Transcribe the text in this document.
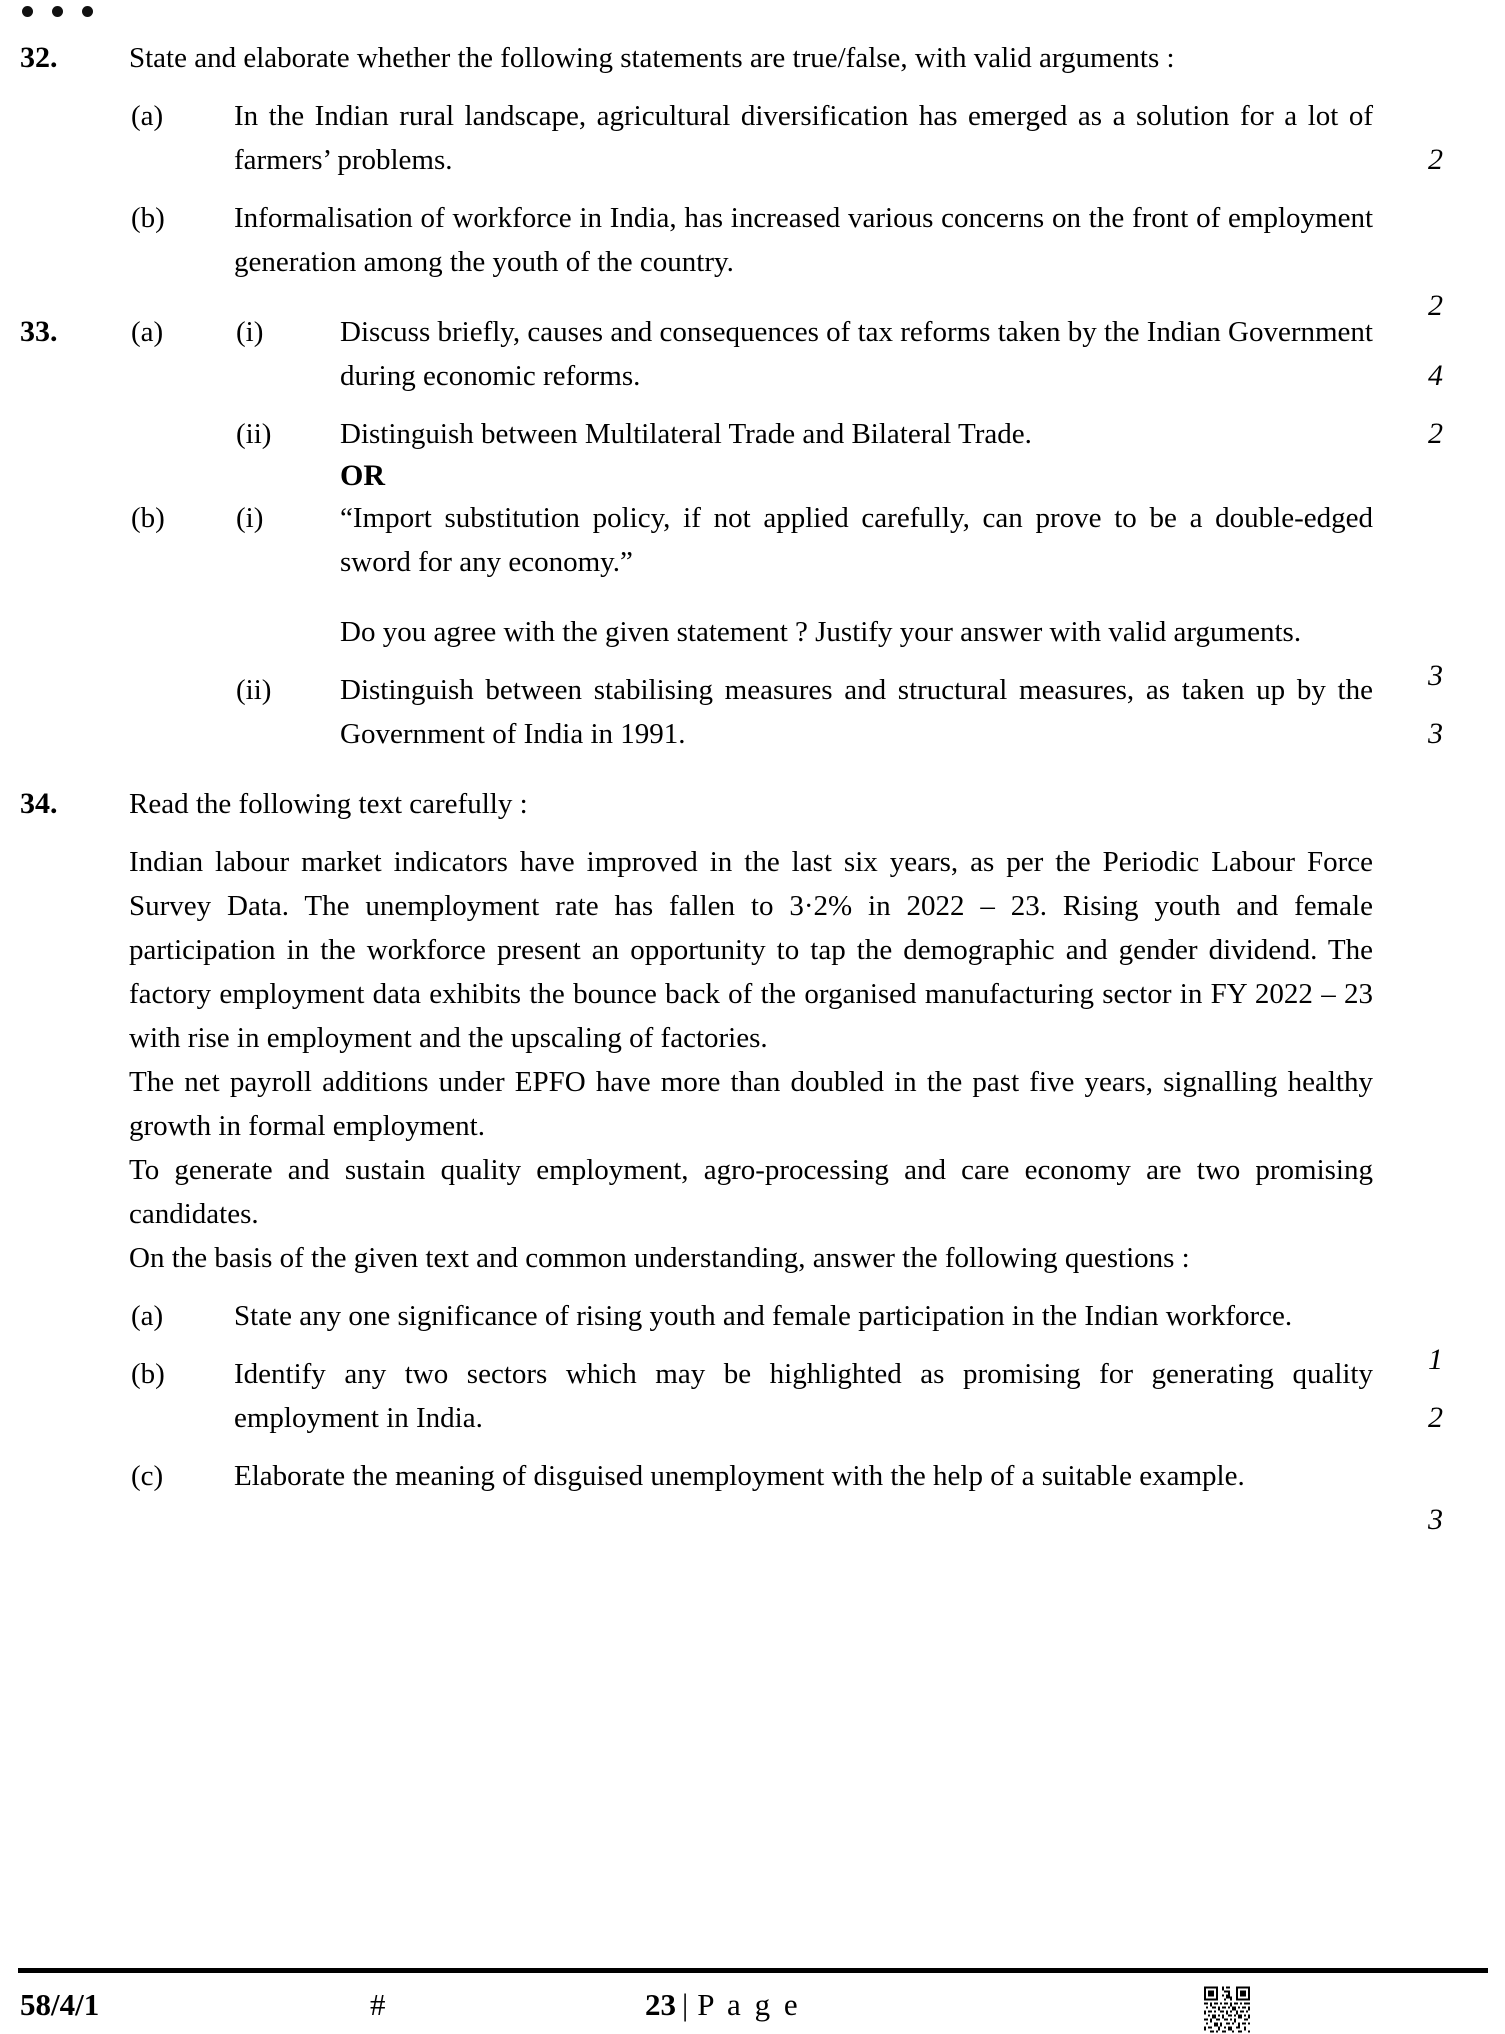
32.	State and elaborate whether the following statements are true/false, with valid arguments :
(a)	In the Indian rural landscape, agricultural diversification has emerged as a solution for a lot of farmers’ problems.	2
(b)	Informalisation of workforce in India, has increased various concerns on the front of employment generation among the youth of the country.
2
33.	(a)	(i)	Discuss briefly, causes and consequences of tax reforms taken by the Indian Government during economic reforms.	4
(ii)	Distinguish between Multilateral Trade and Bilateral Trade.	2
OR
(b)	(i)	“Import substitution policy, if not applied carefully, can prove to be a double-edged sword for any economy.”
Do you agree with the given statement ? Justify your answer with valid arguments.
3
(ii)	Distinguish between stabilising measures and structural measures, as taken up by the Government of India in 1991.	3
34.	Read the following text carefully :
Indian labour market indicators have improved in the last six years, as per the Periodic Labour Force Survey Data. The unemployment rate has fallen to 3·2% in 2022 – 23. Rising youth and female participation in the workforce present an opportunity to tap the demographic and gender dividend. The factory employment data exhibits the bounce back of the organised manufacturing sector in FY 2022 – 23 with rise in employment and the upscaling of factories.
The net payroll additions under EPFO have more than doubled in the past five years, signalling healthy growth in formal employment.
To generate and sustain quality employment, agro-processing and care economy are two promising candidates.
On the basis of the given text and common understanding, answer the following questions :
(a)	State any one significance of rising youth and female participation in the Indian workforce.
1
(b)	Identify any two sectors which may be highlighted as promising for generating quality employment in India.	2
(c)	Elaborate the meaning of disguised unemployment with the help of a suitable example.
3
58/4/1	#	23 | P a g e
